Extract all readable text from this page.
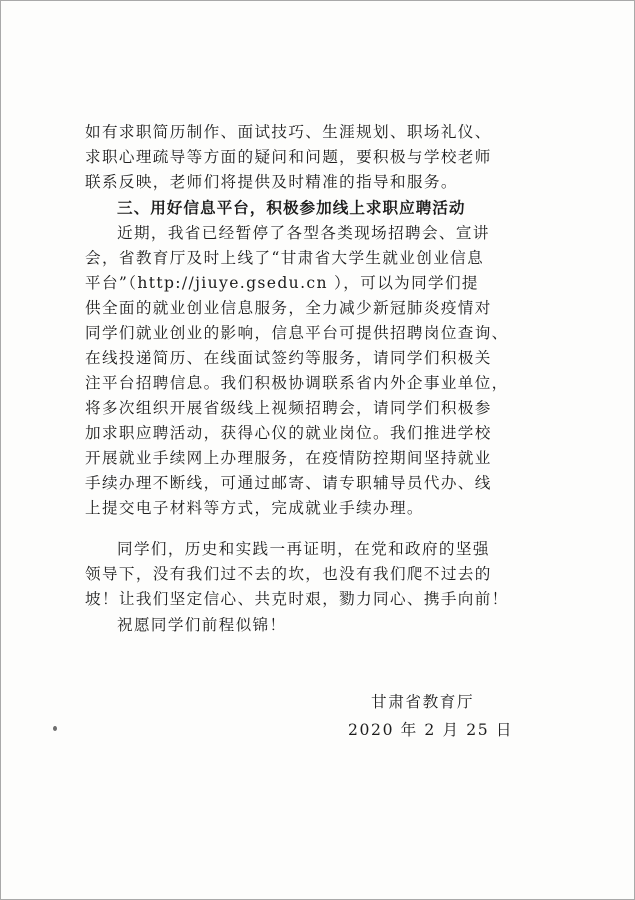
如有求职简历制作、面试技巧、生涯规划、职场礼仪、
求职心理疏导等方面的疑问和问题，要积极与学校老师
联系反映，老师们将提供及时精准的指导和服务。
三、用好信息平台，积极参加线上求职应聘活动
近期，我省已经暂停了各型各类现场招聘会、宣讲
会，省教育厅及时上线了“甘肃省大学生就业创业信息
平台”（http://jiuye.gsedu.cn ），可以为同学们提
供全面的就业创业信息服务，全力减少新冠肺炎疫情对
同学们就业创业的影响，信息平台可提供招聘岗位查询、
在线投递简历、在线面试签约等服务，请同学们积极关
注平台招聘信息。我们积极协调联系省内外企事业单位，
将多次组织开展省级线上视频招聘会，请同学们积极参
加求职应聘活动，获得心仪的就业岗位。我们推进学校
开展就业手续网上办理服务，在疫情防控期间坚持就业
手续办理不断线，可通过邮寄、请专职辅导员代办、线
上提交电子材料等方式，完成就业手续办理。
同学们，历史和实践一再证明，在党和政府的坚强
领导下，没有我们过不去的坎，也没有我们爬不过去的
坡！让我们坚定信心、共克时艰，勠力同心、携手向前！
祝愿同学们前程似锦！
甘肃省教育厅
2020 年 2 月 25 日
